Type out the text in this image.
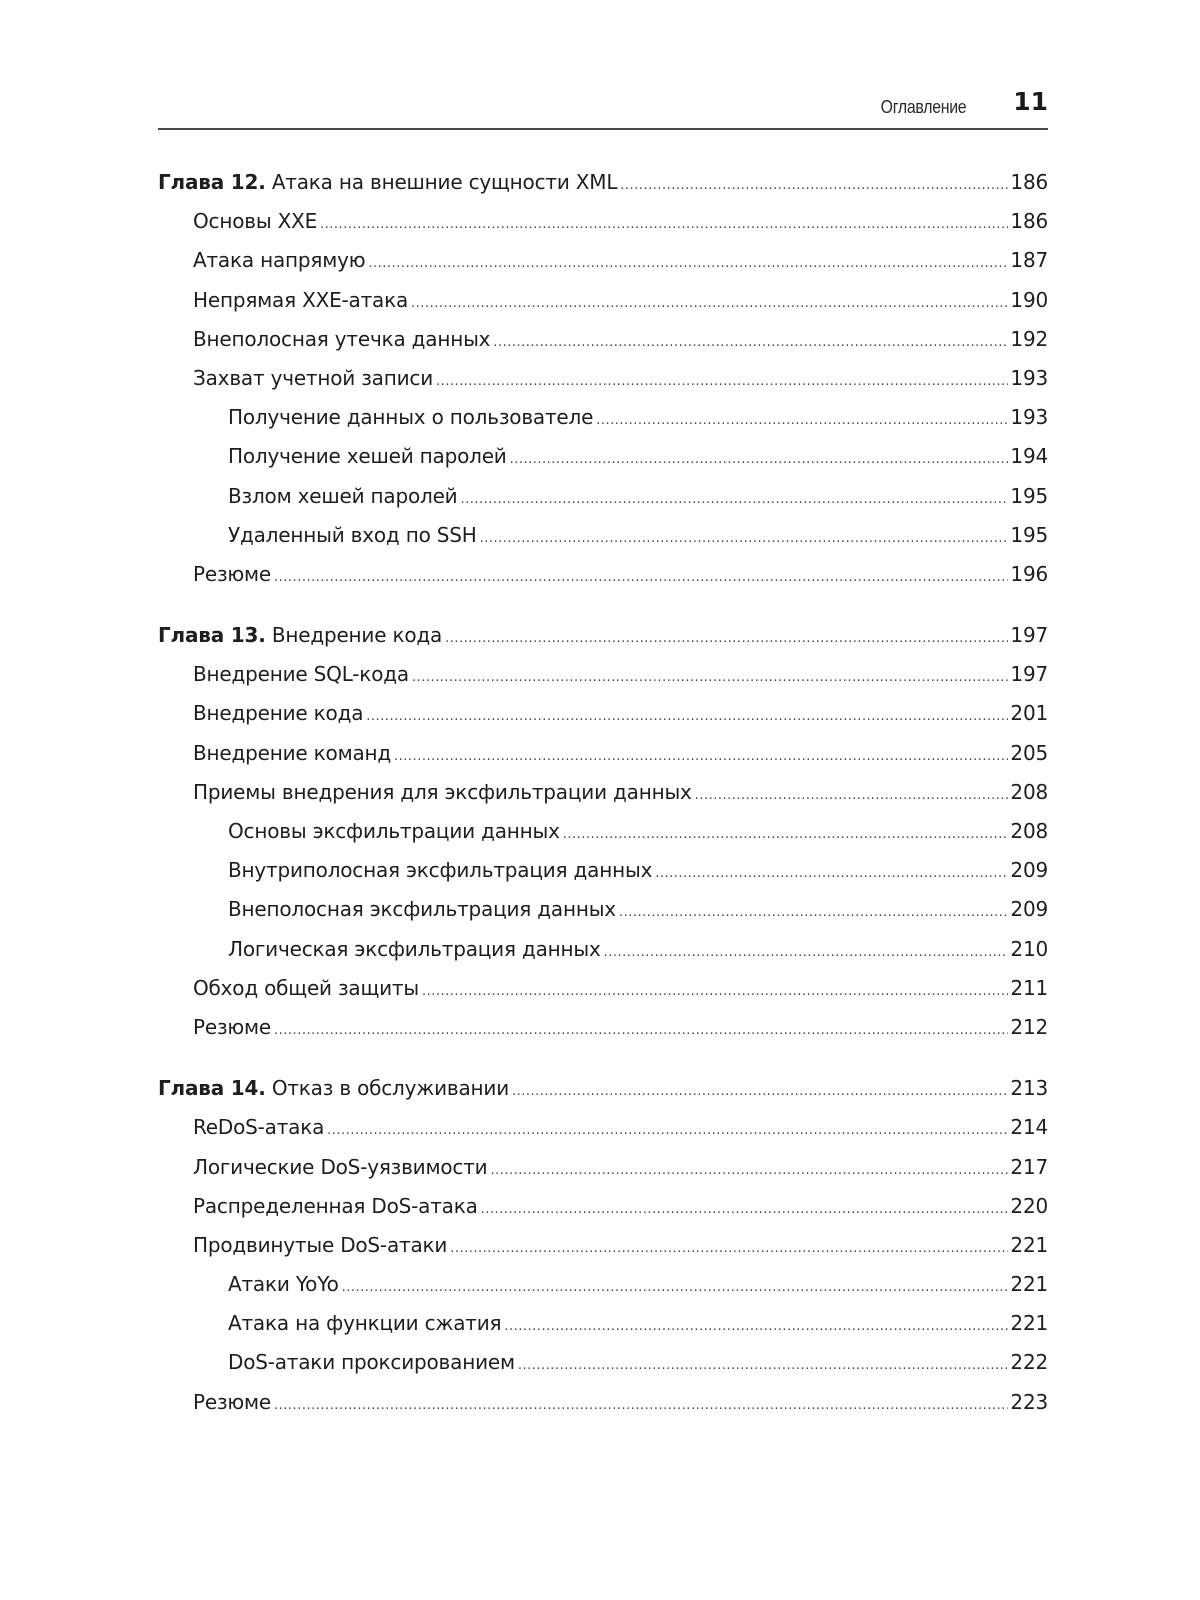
Оглавление 11
Глава 12. Атака на внешние сущности XML .....	186
Основы XXE .....	186
Атака напрямую .....	187
Непрямая XXE-атака .....	190
Внеполосная утечка данных .....	192
Захват учетной записи .....	193
Получение данных о пользователе .....	193
Получение хешей паролей .....	194
Взлом хешей паролей .....	195
Удаленный вход по SSH .....	195
Резюме .....	196
Глава 13. Внедрение кода .....	197
Внедрение SQL-кода .....	197
Внедрение кода .....	201
Внедрение команд .....	205
Приемы внедрения для эксфильтрации данных .....	208
Основы эксфильтрации данных .....	208
Внутриполосная эксфильтрация данных .....	209
Внеполосная эксфильтрация данных .....	209
Логическая эксфильтрация данных .....	210
Обход общей защиты .....	211
Резюме .....	212
Глава 14. Отказ в обслуживании .....	213
ReDoS-атака .....	214
Логические DoS-уязвимости .....	217
Распределенная DoS-атака .....	220
Продвинутые DoS-атаки .....	221
Атаки YoYo .....	221
Атака на функции сжатия .....	221
DoS-атаки проксированием .....	222
Резюме .....	223
